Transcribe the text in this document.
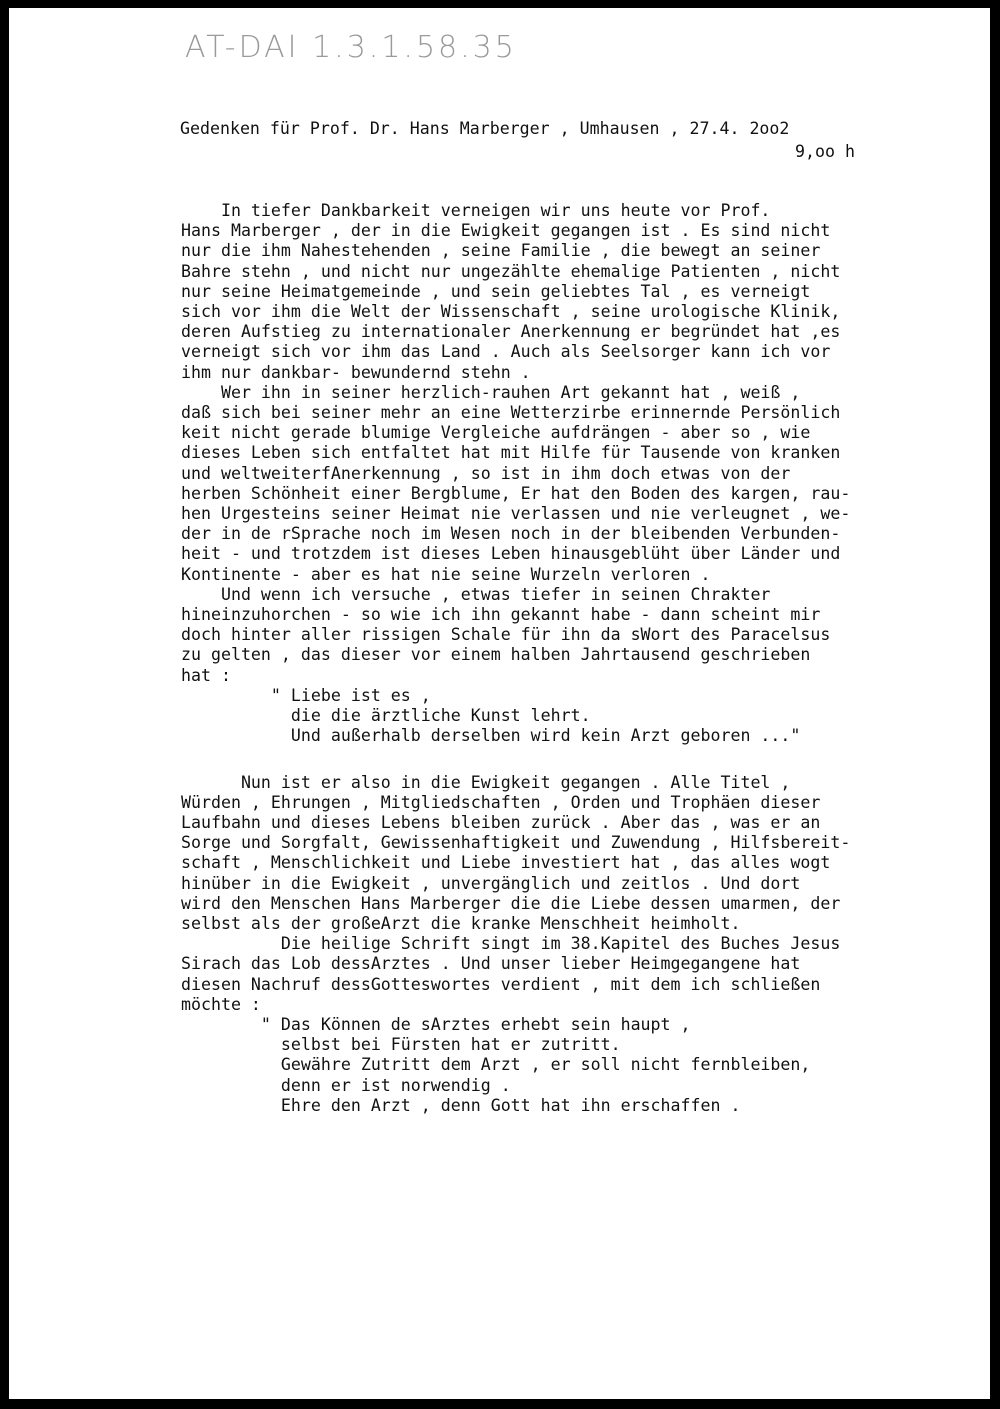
AT-DAI 1.3.1.58.35
Gedenken für Prof. Dr. Hans Marberger , Umhausen , 27.4. 2oo2
9,oo h
In tiefer Dankbarkeit verneigen wir uns heute vor Prof.
Hans Marberger , der in die Ewigkeit gegangen ist . Es sind nicht
nur die ihm Nahestehenden , seine Familie , die bewegt an seiner
Bahre stehn , und nicht nur ungezählte ehemalige Patienten , nicht
nur seine Heimatgemeinde , und sein geliebtes Tal , es verneigt
sich vor ihm die Welt der Wissenschaft , seine urologische Klinik,
deren Aufstieg zu internationaler Anerkennung er begründet hat ,es
verneigt sich vor ihm das Land . Auch als Seelsorger kann ich vor
ihm nur dankbar- bewundernd stehn .
Wer ihn in seiner herzlich-rauhen Art gekannt hat , weiß ,
daß sich bei seiner mehr an eine Wetterzirbe erinnernde Persönlich
keit nicht gerade blumige Vergleiche aufdrängen - aber so , wie
dieses Leben sich entfaltet hat mit Hilfe für Tausende von kranken
und weltweiterfAnerkennung , so ist in ihm doch etwas von der
herben Schönheit einer Bergblume, Er hat den Boden des kargen, rau-
hen Urgesteins seiner Heimat nie verlassen und nie verleugnet , we-
der in de rSprache noch im Wesen noch in der bleibenden Verbunden-
heit - und trotzdem ist dieses Leben hinausgeblüht über Länder und
Kontinente - aber es hat nie seine Wurzeln verloren .
Und wenn ich versuche , etwas tiefer in seinen Chrakter
hineinzuhorchen - so wie ich ihn gekannt habe - dann scheint mir
doch hinter aller rissigen Schale für ihn da sWort des Paracelsus
zu gelten , das dieser vor einem halben Jahrtausend geschrieben
hat :
" Liebe ist es ,
die die ärztliche Kunst lehrt.
Und außerhalb derselben wird kein Arzt geboren ..."
Nun ist er also in die Ewigkeit gegangen . Alle Titel ,
Würden , Ehrungen , Mitgliedschaften , Orden und Trophäen dieser
Laufbahn und dieses Lebens bleiben zurück . Aber das , was er an
Sorge und Sorgfalt, Gewissenhaftigkeit und Zuwendung , Hilfsbereit-
schaft , Menschlichkeit und Liebe investiert hat , das alles wogt
hinüber in die Ewigkeit , unvergänglich und zeitlos . Und dort
wird den Menschen Hans Marberger die die Liebe dessen umarmen, der
selbst als der großeArzt die kranke Menschheit heimholt.
Die heilige Schrift singt im 38.Kapitel des Buches Jesus
Sirach das Lob dessArztes . Und unser lieber Heimgegangene hat
diesen Nachruf dessGotteswortes verdient , mit dem ich schließen
möchte :
" Das Können de sArztes erhebt sein haupt ,
selbst bei Fürsten hat er zutritt.
Gewähre Zutritt dem Arzt , er soll nicht fernbleiben,
denn er ist norwendig .
Ehre den Arzt , denn Gott hat ihn erschaffen .
